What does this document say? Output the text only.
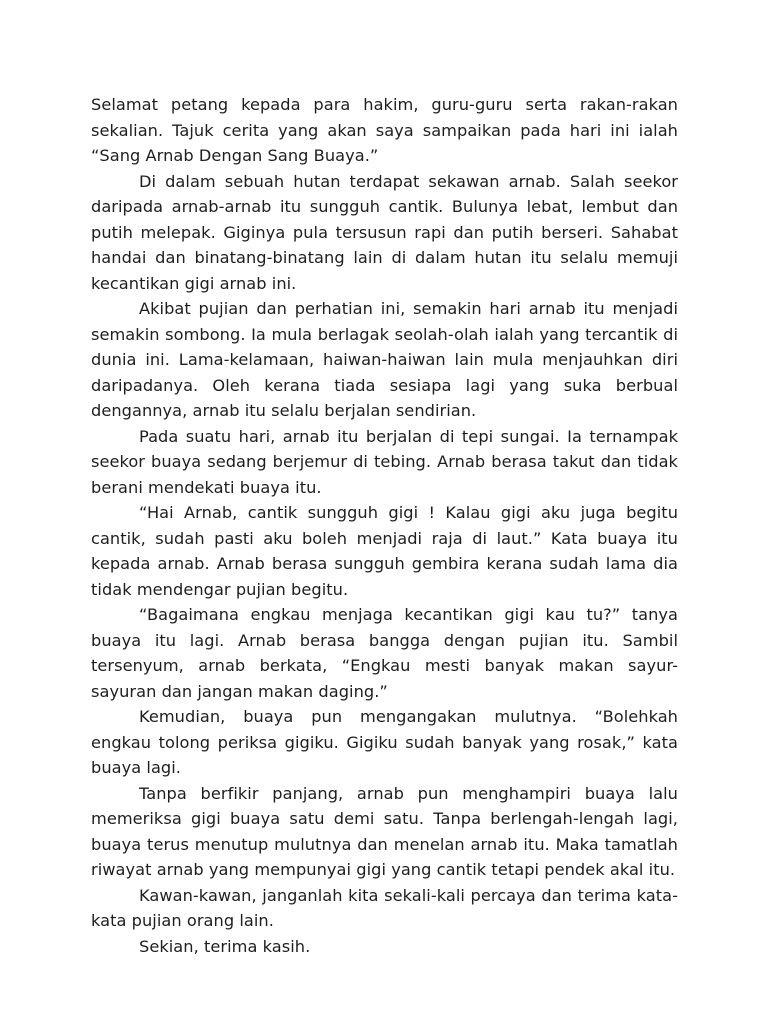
Selamat petang kepada para hakim, guru-guru serta rakan-rakan sekalian. Tajuk cerita yang akan saya sampaikan pada hari ini ialah “Sang Arnab Dengan Sang Buaya.”

Di dalam sebuah hutan terdapat sekawan arnab. Salah seekor daripada arnab-arnab itu sungguh cantik. Bulunya lebat, lembut dan putih melepak. Giginya pula tersusun rapi dan putih berseri. Sahabat handai dan binatang-binatang lain di dalam hutan itu selalu memuji kecantikan gigi arnab ini.

Akibat pujian dan perhatian ini, semakin hari arnab itu menjadi semakin sombong. Ia mula berlagak seolah-olah ialah yang tercantik di dunia ini. Lama-kelamaan, haiwan-haiwan lain mula menjauhkan diri daripadanya. Oleh kerana tiada sesiapa lagi yang suka berbual dengannya, arnab itu selalu berjalan sendirian.

Pada suatu hari, arnab itu berjalan di tepi sungai. Ia ternampak seekor buaya sedang berjemur di tebing. Arnab berasa takut dan tidak berani mendekati buaya itu.

“Hai Arnab, cantik sungguh gigi ! Kalau gigi aku juga begitu cantik, sudah pasti aku boleh menjadi raja di laut.” Kata buaya itu kepada arnab. Arnab berasa sungguh gembira kerana sudah lama dia tidak mendengar pujian begitu.

“Bagaimana engkau menjaga kecantikan gigi kau tu?” tanya buaya itu lagi. Arnab berasa bangga dengan pujian itu. Sambil tersenyum, arnab berkata, “Engkau mesti banyak makan sayur-sayuran dan jangan makan daging.”

Kemudian, buaya pun mengangakan mulutnya. “Bolehkah engkau tolong periksa gigiku. Gigiku sudah banyak yang rosak,” kata buaya lagi.

Tanpa berfikir panjang, arnab pun menghampiri buaya lalu memeriksa gigi buaya satu demi satu. Tanpa berlengah-lengah lagi, buaya terus menutup mulutnya dan menelan arnab itu. Maka tamatlah riwayat arnab yang mempunyai gigi yang cantik tetapi pendek akal itu.

Kawan-kawan, janganlah kita sekali-kali percaya dan terima kata-kata pujian orang lain.

Sekian, terima kasih.
